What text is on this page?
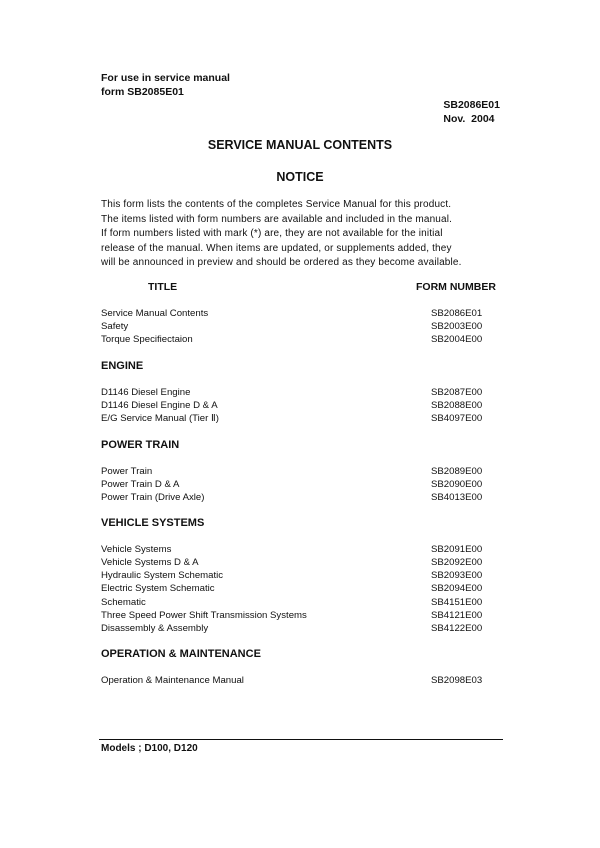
For use in service manual
form SB2085E01
SB2086E01
Nov.  2004
SERVICE MANUAL CONTENTS
NOTICE
This form lists the contents of the completes Service Manual for this product.
The items listed with form numbers are available and included in the manual.
If form numbers listed with mark (*) are, they are not available for the initial
release of the manual. When items are updated, or supplements added, they
will be announced in preview and should be ordered as they become available.
TITLE	FORM NUMBER
Service Manual Contents	SB2086E01
Safety	SB2003E00
Torque Specifiectaion	SB2004E00
ENGINE
D1146 Diesel Engine	SB2087E00
D1146 Diesel Engine D & A	SB2088E00
E/G Service Manual (Tier Ⅱ)	SB4097E00
POWER TRAIN
Power Train	SB2089E00
Power Train D & A	SB2090E00
Power Train (Drive Axle)	SB4013E00
VEHICLE SYSTEMS
Vehicle Systems	SB2091E00
Vehicle Systems D & A	SB2092E00
Hydraulic System Schematic	SB2093E00
Electric System Schematic	SB2094E00
Schematic	SB4151E00
Three Speed Power Shift Transmission Systems	SB4121E00
Disassembly & Assembly	SB4122E00
OPERATION & MAINTENANCE
Operation & Maintenance Manual	SB2098E03
Models ; D100, D120
